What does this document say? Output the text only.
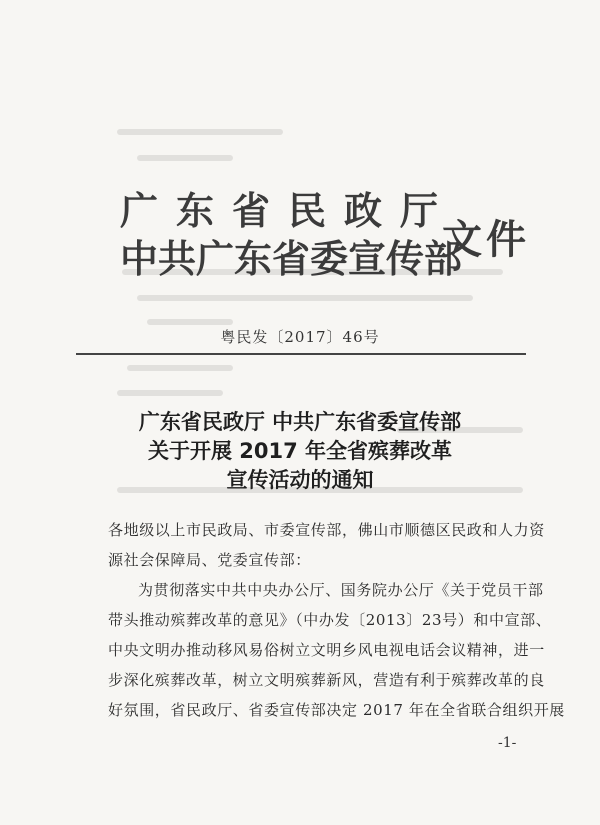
广东省民政厅
中共广东省委宣传部
文件
粤民发〔2017〕46号
广东省民政厅 中共广东省委宣传部
关于开展 2017 年全省殡葬改革
宣传活动的通知
各地级以上市民政局、市委宣传部，佛山市顺德区民政和人力资
源社会保障局、党委宣传部：
为贯彻落实中共中央办公厅、国务院办公厅《关于党员干部
带头推动殡葬改革的意见》（中办发〔2013〕23号）和中宣部、
中央文明办推动移风易俗树立文明乡风电视电话会议精神，进一
步深化殡葬改革，树立文明殡葬新风，营造有利于殡葬改革的良
好氛围，省民政厅、省委宣传部决定 2017 年在全省联合组织开展
-1-
